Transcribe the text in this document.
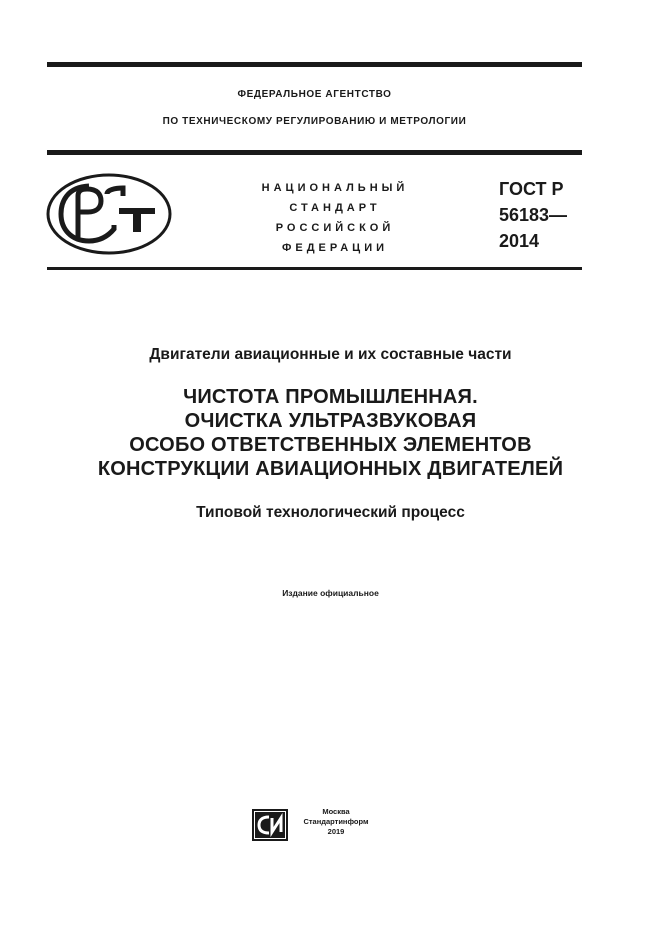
ФЕДЕРАЛЬНОЕ АГЕНТСТВО
ПО ТЕХНИЧЕСКОМУ РЕГУЛИРОВАНИЮ И МЕТРОЛОГИИ
НАЦИОНАЛЬНЫЙ
СТАНДАРТ
РОССИЙСКОЙ
ФЕДЕРАЦИИ
ГОСТ Р
56183—
2014
Двигатели авиационные и их составные части
ЧИСТОТА ПРОМЫШЛЕННАЯ.
ОЧИСТКА УЛЬТРАЗВУКОВАЯ
ОСОБО ОТВЕТСТВЕННЫХ ЭЛЕМЕНТОВ
КОНСТРУКЦИИ АВИАЦИОННЫХ ДВИГАТЕЛЕЙ
Типовой технологический процесс
Издание официальное
Москва
Стандартинформ
2019
